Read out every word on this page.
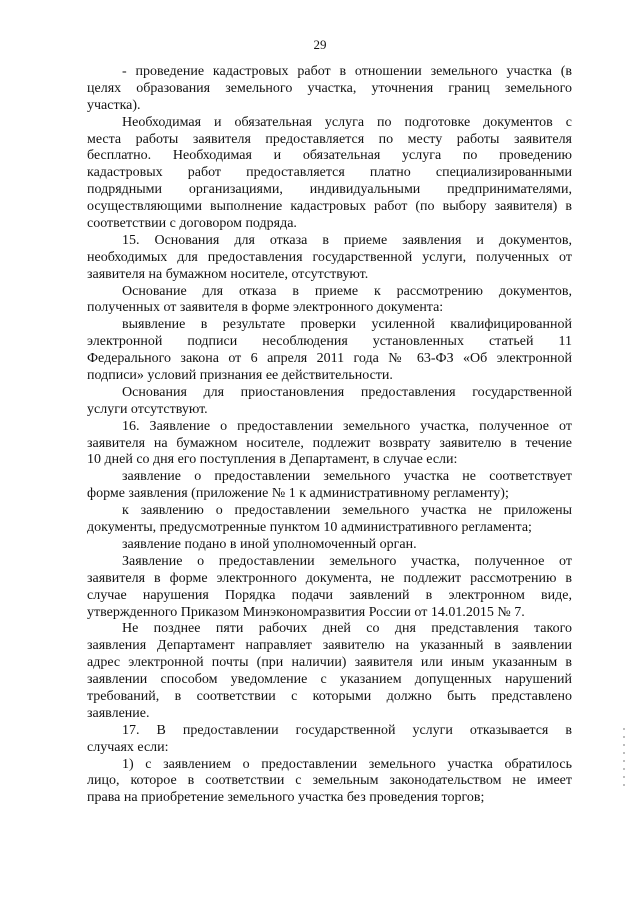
29
- проведение кадастровых работ в отношении земельного участка (в
целях образования земельного участка, уточнения границ земельного
участка).
Необходимая и обязательная услуга по подготовке документов с
места работы заявителя предоставляется по месту работы заявителя
бесплатно. Необходимая и обязательная услуга по проведению
кадастровых работ предоставляется платно специализированными
подрядными организациями, индивидуальными предпринимателями,
осуществляющими выполнение кадастровых работ (по выбору заявителя) в
соответствии с договором подряда.
15. Основания для отказа в приеме заявления и документов,
необходимых для предоставления государственной услуги, полученных от
заявителя на бумажном носителе, отсутствуют.
Основание для отказа в приеме к рассмотрению документов,
полученных от заявителя в форме электронного документа:
выявление в результате проверки усиленной квалифицированной
электронной подписи несоблюдения установленных статьей 11
Федерального закона от 6 апреля 2011 года № 63-ФЗ «Об электронной
подписи» условий признания ее действительности.
Основания для приостановления предоставления государственной
услуги отсутствуют.
16. Заявление о предоставлении земельного участка, полученное от
заявителя на бумажном носителе, подлежит возврату заявителю в течение
10 дней со дня его поступления в Департамент, в случае если:
заявление о предоставлении земельного участка не соответствует
форме заявления (приложение № 1 к административному регламенту);
к заявлению о предоставлении земельного участка не приложены
документы, предусмотренные пунктом 10 административного регламента;
заявление подано в иной уполномоченный орган.
Заявление о предоставлении земельного участка, полученное от
заявителя в форме электронного документа, не подлежит рассмотрению в
случае нарушения Порядка подачи заявлений в электронном виде,
утвержденного Приказом Минэкономразвития России от 14.01.2015 № 7.
Не позднее пяти рабочих дней со дня представления такого
заявления Департамент направляет заявителю на указанный в заявлении
адрес электронной почты (при наличии) заявителя или иным указанным в
заявлении способом уведомление с указанием допущенных нарушений
требований, в соответствии с которыми должно быть представлено
заявление.
17. В предоставлении государственной услуги отказывается в
случаях если:
1) с заявлением о предоставлении земельного участка обратилось
лицо, которое в соответствии с земельным законодательством не имеет
права на приобретение земельного участка без проведения торгов;
